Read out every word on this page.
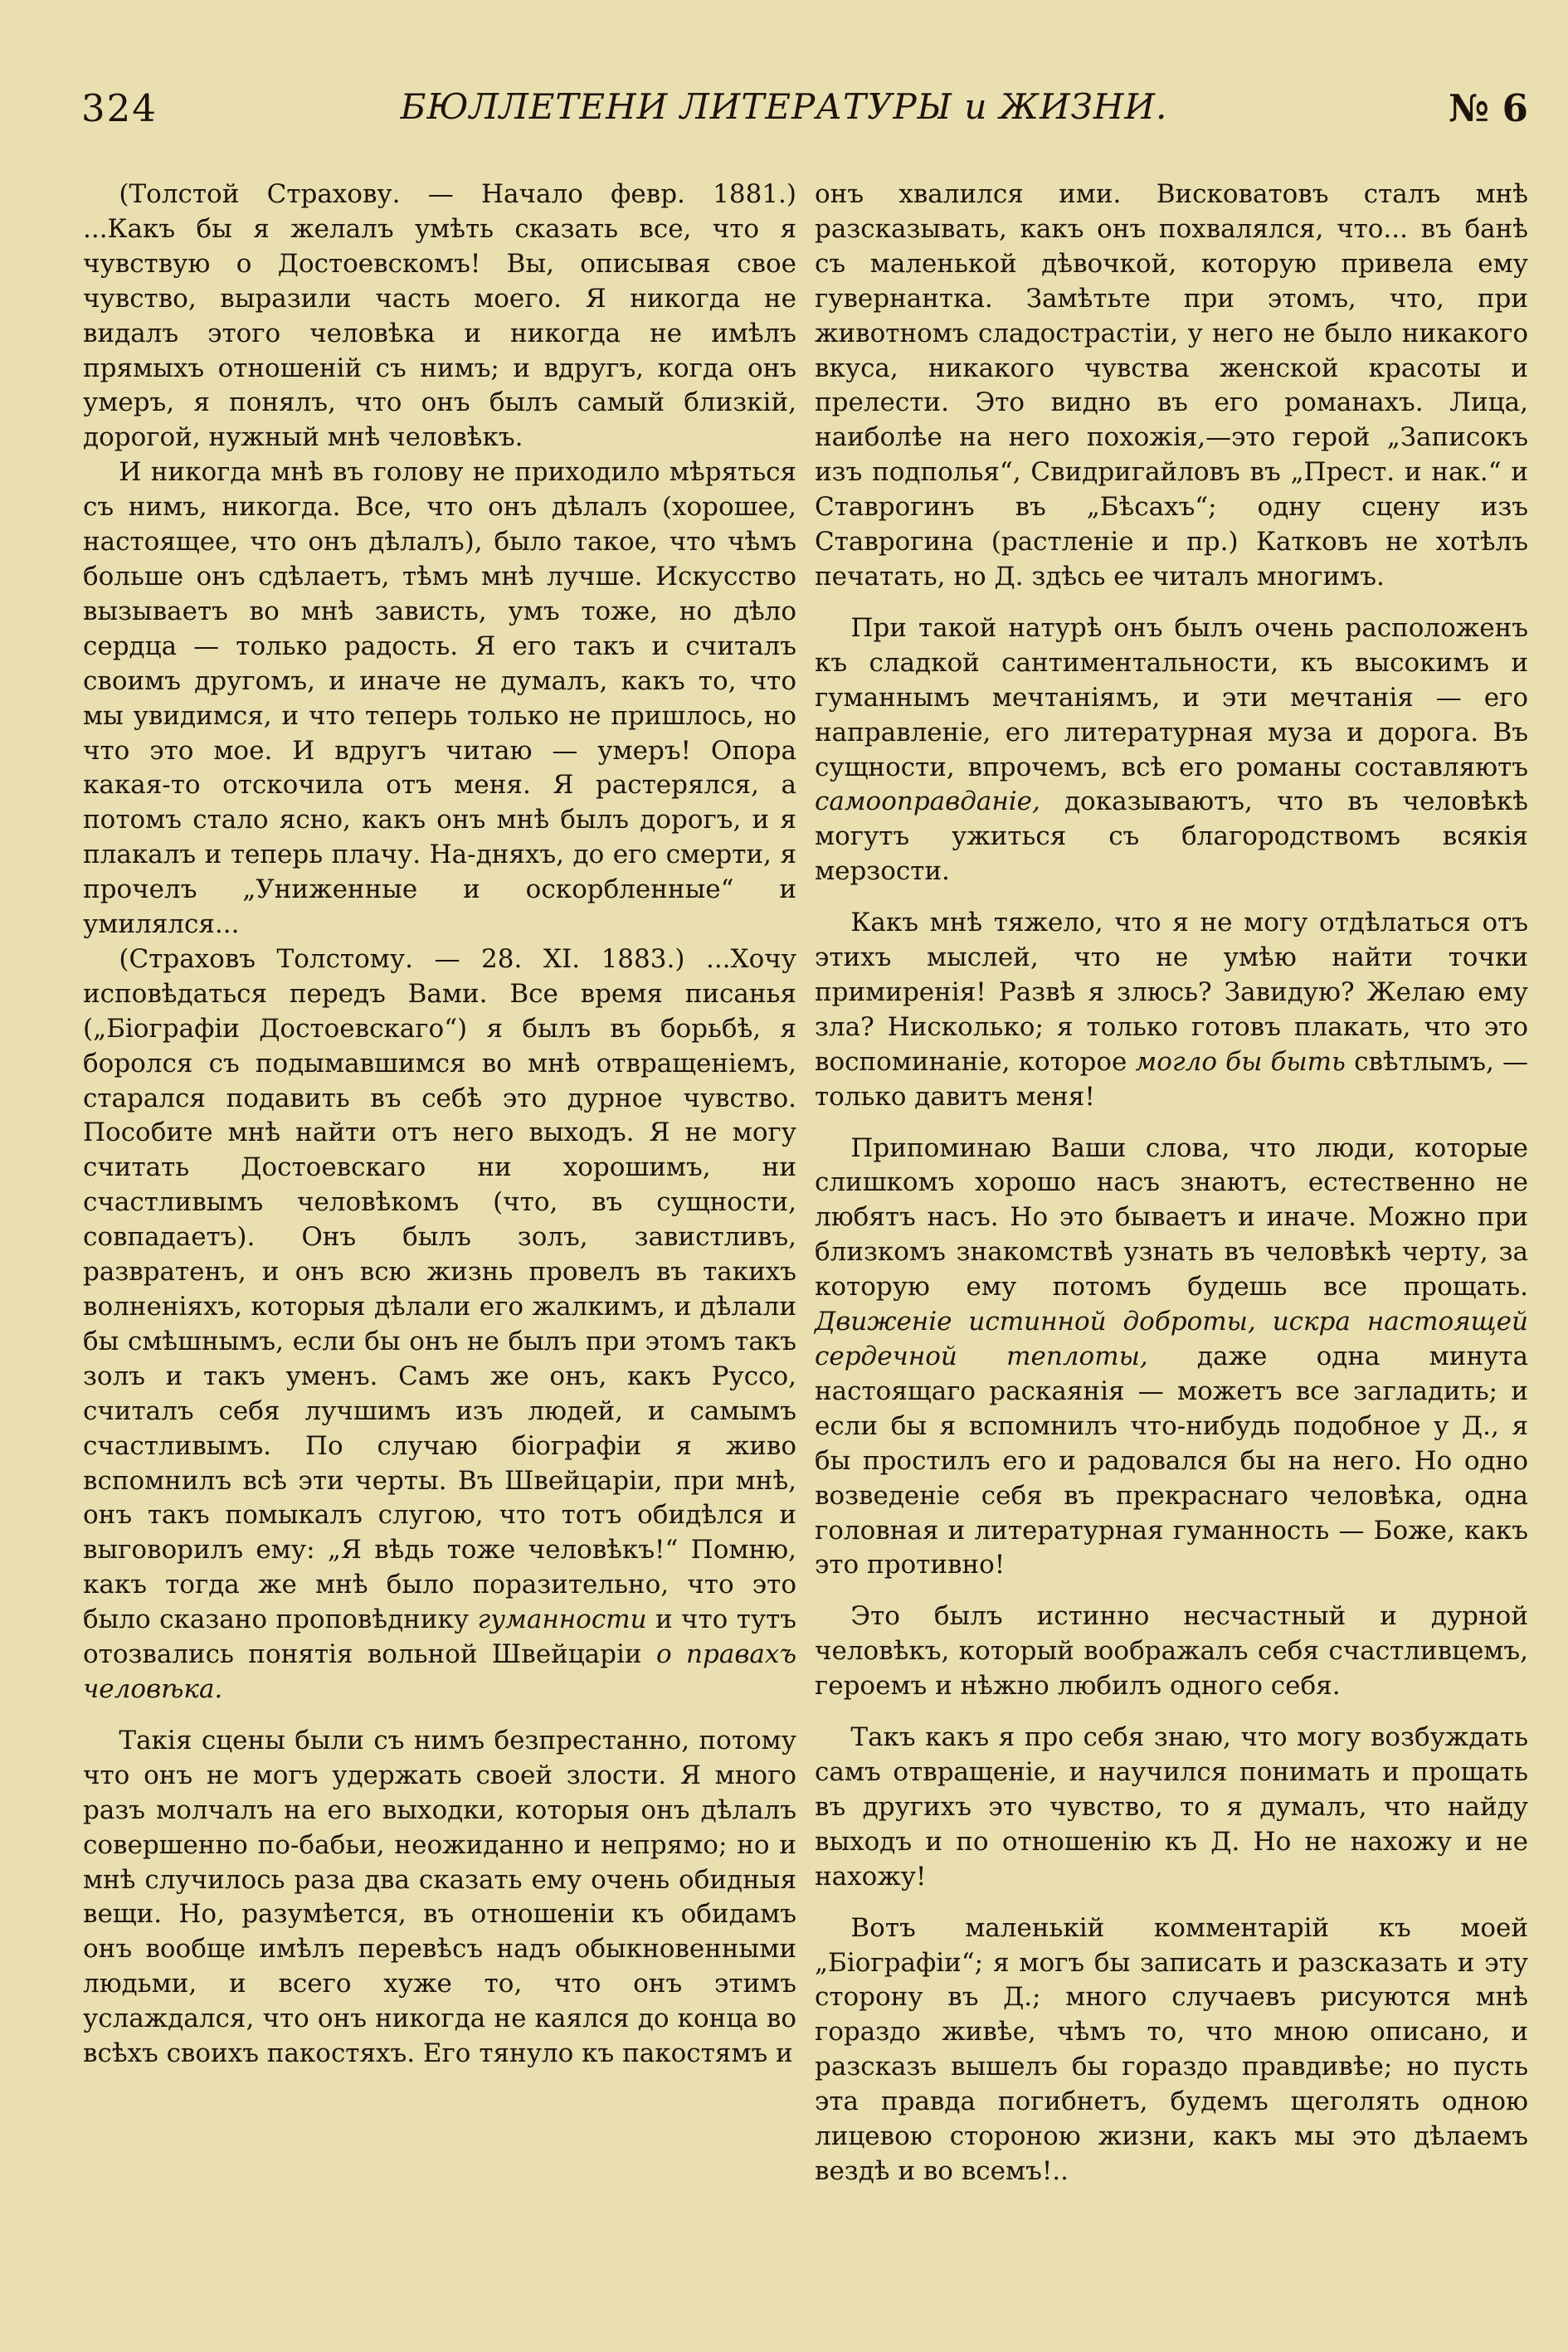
324	БЮЛЛЕТЕНИ ЛИТЕРАТУРЫ и ЖИЗНИ.	№ 6

(Толстой Страхову. — Начало февр. 1881.) ...Какъ бы я желалъ умѣть сказать все, что я чувствую о Достоевскомъ! Вы, описывая свое чувство, выразили часть моего. Я никогда не видалъ этого человѣка и никогда не имѣлъ прямыхъ отношенiй съ нимъ; и вдругъ, когда онъ умеръ, я понялъ, что онъ былъ самый близкiй, дорогой, нужный мнѣ человѣкъ.

И никогда мнѣ въ голову не приходило мѣряться съ нимъ, никогда. Все, что онъ дѣлалъ (хорошее, настоящее, что онъ дѣлалъ), было такое, что чѣмъ больше онъ сдѣлаетъ, тѣмъ мнѣ лучше. Искусство вызываетъ во мнѣ зависть, умъ тоже, но дѣло сердца — только радость. Я его такъ и считалъ своимъ другомъ, и иначе не думалъ, какъ то, что мы увидимся, и что теперь только не пришлось, но что это мое. И вдругъ читаю — умеръ! Опора какая-то отскочила отъ меня. Я растерялся, а потомъ стало ясно, какъ онъ мнѣ былъ дорогъ, и я плакалъ и теперь плачу. На-дняхъ, до его смерти, я прочелъ „Униженные и оскорбленные“ и умилялся...

(Страховъ Толстому. — 28. XI. 1883.) ...Хочу исповѣдаться передъ Вами. Все время писанья („Бiографiи Достоевскаго“) я былъ въ борьбѣ, я боролся съ подымавшимся во мнѣ отвращенiемъ, старался подавить въ себѣ это дурное чувство. Пособите мнѣ найти отъ него выходъ. Я не могу считать Достоевскаго ни хорошимъ, ни счастливымъ человѣкомъ (что, въ сущности, совпадаетъ). Онъ былъ золъ, завистливъ, развратенъ, и онъ всю жизнь провелъ въ такихъ волненiяхъ, которыя дѣлали его жалкимъ, и дѣлали бы смѣшнымъ, если бы онъ не былъ при этомъ такъ золъ и такъ уменъ. Самъ же онъ, какъ Руссо, считалъ себя лучшимъ изъ людей, и самымъ счастливымъ. По случаю бiографiи я живо вспомнилъ всѣ эти черты. Въ Швейцарiи, при мнѣ, онъ такъ помыкалъ слугою, что тотъ обидѣлся и выговорилъ ему: „Я вѣдь тоже человѣкъ!“ Помню, какъ тогда же мнѣ было поразительно, что это было сказано проповѣднику гуманности и что тутъ отозвались понятiя вольной Швейцарiи о правахъ человѣка.

Такiя сцены были съ нимъ безпрестанно, потому что онъ не могъ удержать своей злости. Я много разъ молчалъ на его выходки, которыя онъ дѣлалъ совершенно по-бабьи, неожиданно и непрямо; но и мнѣ случилось раза два сказать ему очень обидныя вещи. Но, разумѣется, въ отношенiи къ обидамъ онъ вообще имѣлъ перевѣсъ надъ обыкновенными людьми, и всего хуже то, что онъ этимъ услаждался, что онъ никогда не каялся до конца во всѣхъ своихъ пакостяхъ. Его тянуло къ пакостямъ и

онъ хвалился ими. Висковатовъ сталъ мнѣ разсказывать, какъ онъ похвалялся, что... въ банѣ съ маленькой дѣвочкой, которую привела ему гувернантка. Замѣтьте при этомъ, что, при животномъ сладострастiи, у него не было никакого вкуса, никакого чувства женской красоты и прелести. Это видно въ его романахъ. Лица, наиболѣе на него похожiя,—это герой „Записокъ изъ подполья“, Свидригайловъ въ „Прест. и нак.“ и Ставрогинъ въ „Бѣсахъ“; одну сцену изъ Ставрогина (растленiе и пр.) Катковъ не хотѣлъ печатать, но Д. здѣсь ее читалъ многимъ.

При такой натурѣ онъ былъ очень расположенъ къ сладкой сантиментальности, къ высокимъ и гуманнымъ мечтанiямъ, и эти мечтанiя — его направленiе, его литературная муза и дорога. Въ сущности, впрочемъ, всѣ его романы составляютъ самооправданiе, доказываютъ, что въ человѣкѣ могутъ ужиться съ благородствомъ всякiя мерзости.

Какъ мнѣ тяжело, что я не могу отдѣлаться отъ этихъ мыслей, что не умѣю найти точки примиренiя! Развѣ я злюсь? Завидую? Желаю ему зла? Нисколько; я только готовъ плакать, что это воспоминанiе, которое могло бы быть свѣтлымъ, — только давитъ меня!

Припоминаю Ваши слова, что люди, которые слишкомъ хорошо насъ знаютъ, естественно не любятъ насъ. Но это бываетъ и иначе. Можно при близкомъ знакомствѣ узнать въ человѣкѣ черту, за которую ему потомъ будешь все прощать. Движенiе истинной доброты, искра настоящей сердечной теплоты, даже одна минута настоящаго раскаянiя — можетъ все загладить; и если бы я вспомнилъ что-нибудь подобное у Д., я бы простилъ его и радовался бы на него. Но одно возведенiе себя въ прекраснаго человѣка, одна головная и литературная гуманность — Боже, какъ это противно!

Это былъ истинно несчастный и дурной человѣкъ, который воображалъ себя счастливцемъ, героемъ и нѣжно любилъ одного себя.

Такъ какъ я про себя знаю, что могу возбуждать самъ отвращенiе, и научился понимать и прощать въ другихъ это чувство, то я думалъ, что найду выходъ и по отношенiю къ Д. Но не нахожу и не нахожу!

Вотъ маленькiй комментарiй къ моей „Бiографiи“; я могъ бы записать и разсказать и эту сторону въ Д.; много случаевъ рисуются мнѣ гораздо живѣе, чѣмъ то, что мною описано, и разсказъ вышелъ бы гораздо правдивѣе; но пусть эта правда погибнетъ, будемъ щеголять одною лицевою стороною жизни, какъ мы это дѣлаемъ вездѣ и во всемъ!..
